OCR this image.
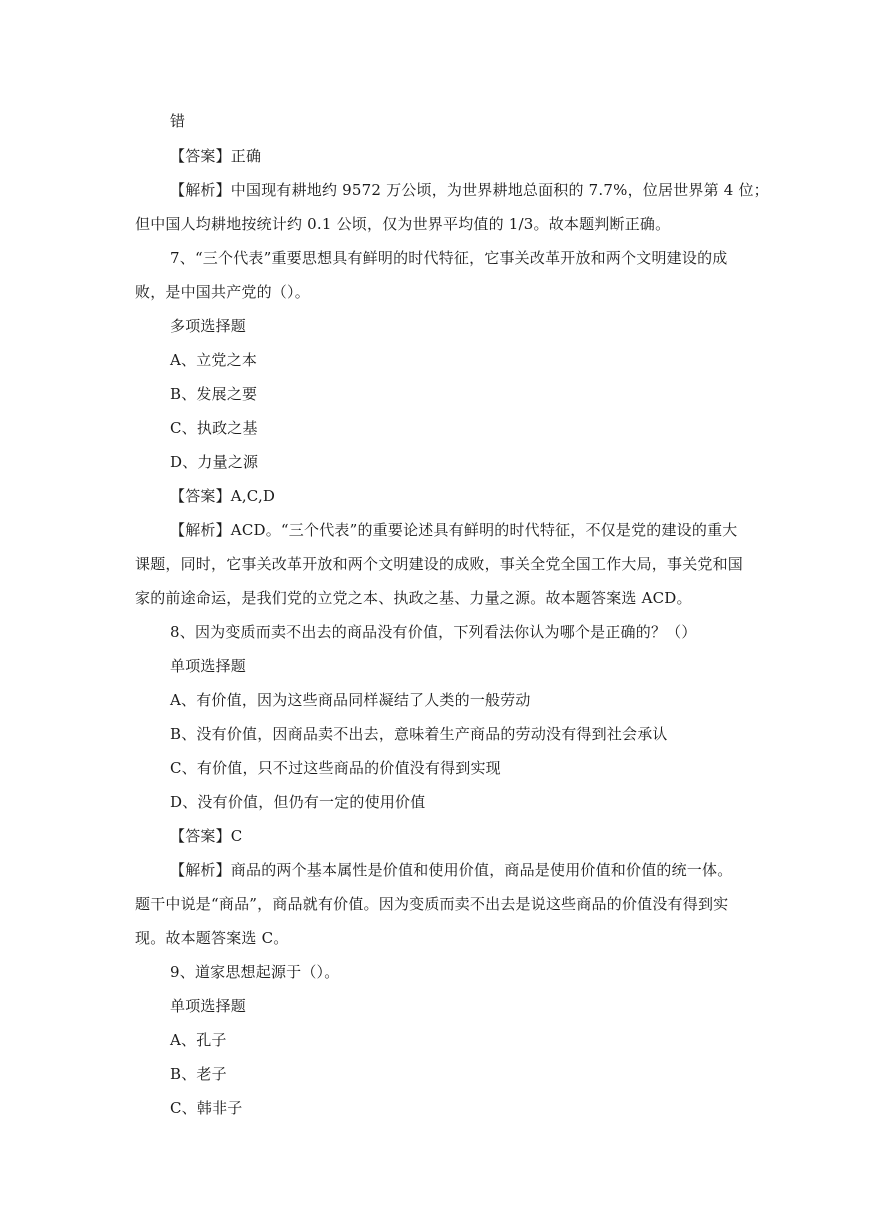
错
【答案】正确
【解析】中国现有耕地约 9572 万公顷，为世界耕地总面积的 7.7%，位居世界第 4 位；
但中国人均耕地按统计约 0.1 公顷，仅为世界平均值的 1/3。故本题判断正确。
7、“三个代表”重要思想具有鲜明的时代特征，它事关改革开放和两个文明建设的成
败，是中国共产党的（）。
多项选择题
A、立党之本
B、发展之要
C、执政之基
D、力量之源
【答案】A,C,D
【解析】ACD。“三个代表”的重要论述具有鲜明的时代特征，不仅是党的建设的重大
课题，同时，它事关改革开放和两个文明建设的成败，事关全党全国工作大局，事关党和国
家的前途命运，是我们党的立党之本、执政之基、力量之源。故本题答案选 ACD。
8、因为变质而卖不出去的商品没有价值，下列看法你认为哪个是正确的？（）
单项选择题
A、有价值，因为这些商品同样凝结了人类的一般劳动
B、没有价值，因商品卖不出去，意味着生产商品的劳动没有得到社会承认
C、有价值，只不过这些商品的价值没有得到实现
D、没有价值，但仍有一定的使用价值
【答案】C
【解析】商品的两个基本属性是价值和使用价值，商品是使用价值和价值的统一体。
题干中说是“商品”，商品就有价值。因为变质而卖不出去是说这些商品的价值没有得到实
现。故本题答案选 C。
9、道家思想起源于（）。
单项选择题
A、孔子
B、老子
C、韩非子
